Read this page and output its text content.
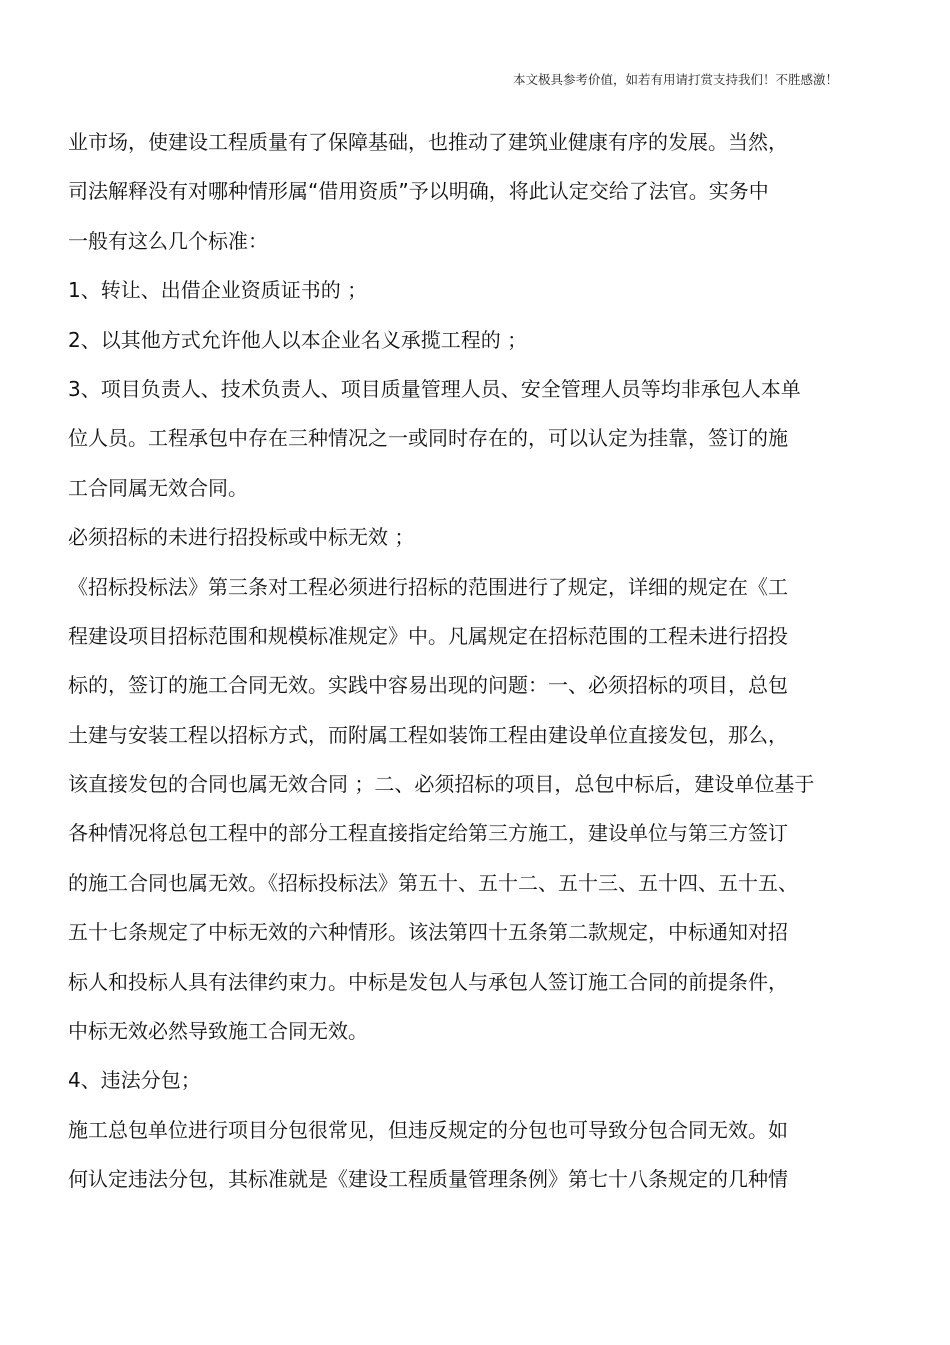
本文极具参考价值，如若有用请打赏支持我们！不胜感激！
业市场，使建设工程质量有了保障基础，也推动了建筑业健康有序的发展。当然，
司法解释没有对哪种情形属“借用资质”予以明确，将此认定交给了法官。实务中
一般有这么几个标准：
1、转让、出借企业资质证书的 ；
2、以其他方式允许他人以本企业名义承揽工程的 ；
3、项目负责人、技术负责人、项目质量管理人员、安全管理人员等均非承包人本单
位人员。工程承包中存在三种情况之一或同时存在的，可以认定为挂靠，签订的施
工合同属无效合同。
必须招标的未进行招投标或中标无效 ；
《招标投标法》第三条对工程必须进行招标的范围进行了规定，详细的规定在《工
程建设项目招标范围和规模标准规定》中。凡属规定在招标范围的工程未进行招投
标的，签订的施工合同无效。实践中容易出现的问题：一、必须招标的项目，总包
土建与安装工程以招标方式，而附属工程如装饰工程由建设单位直接发包，那么，
该直接发包的合同也属无效合同 ；二、必须招标的项目，总包中标后，建设单位基于
各种情况将总包工程中的部分工程直接指定给第三方施工，建设单位与第三方签订
的施工合同也属无效。《招标投标法》第五十、五十二、五十三、五十四、五十五、
五十七条规定了中标无效的六种情形。该法第四十五条第二款规定，中标通知对招
标人和投标人具有法律约束力。中标是发包人与承包人签订施工合同的前提条件，
中标无效必然导致施工合同无效。
4、违法分包；
施工总包单位进行项目分包很常见，但违反规定的分包也可导致分包合同无效。如
何认定违法分包，其标准就是《建设工程质量管理条例》第七十八条规定的几种情
